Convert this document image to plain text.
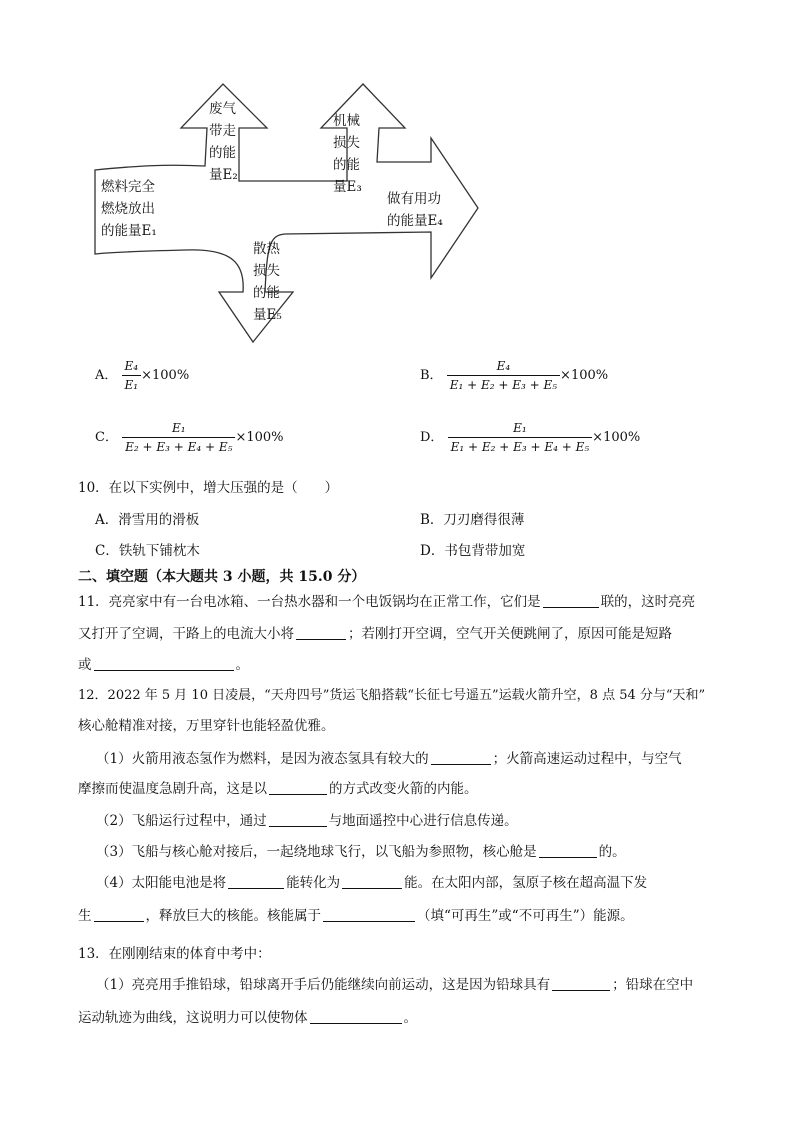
燃料完全
燃烧放出
的能量E₁
废气
带走
的能
量E₂
机械
损失
的能
量E₃
做有用功
的能量E₄
散热
损失
的能
量E₅
A． $\frac{\text{E₄}}{\text{E₁}} \times 100\%$	B． $\frac{\text{E₄}}{\text{E₁ + E₂ + E₃ + E₅}} \times 100\%$
C． $\frac{\text{E₁}}{\text{E₂ + E₃ + E₄ + E₅}} \times 100\%$	D． $\frac{\text{E₁}}{\text{E₁ + E₂ + E₃ + E₄ + E₅}} \times 100\%$
10．在以下实例中，增大压强的是（　　）
A．滑雪用的滑板	B．刀刃磨得很薄
C．铁轨下铺枕木	D．书包背带加宽
二、填空题（本大题共 3 小题，共 15.0 分）
11．亮亮家中有一台电冰箱、一台热水器和一个电饭锅均在正常工作，它们是	联的，这时亮亮
又打开了空调，干路上的电流大小将	；若刚打开空调，空气开关便跳闸了，原因可能是短路
或	。
12．2022 年 5 月 10 日凌晨，“天舟四号”货运飞船搭载“长征七号遥五”运载火箭升空，8 点 54 分与“天和”
核心舱精准对接，万里穿针也能轻盈优雅。
（1）火箭用液态氢作为燃料，是因为液态氢具有较大的	；火箭高速运动过程中，与空气
摩擦而使温度急剧升高，这是以	的方式改变火箭的内能。
（2）飞船运行过程中，通过	与地面遥控中心进行信息传递。
（3）飞船与核心舱对接后，一起绕地球飞行，以飞船为参照物，核心舱是	的。
（4）太阳能电池是将	能转化为	能。在太阳内部，氢原子核在超高温下发
生	，释放巨大的核能。核能属于	（填“可再生”或“不可再生”）能源。
13．在刚刚结束的体育中考中：
（1）亮亮用手推铅球，铅球离开手后仍能继续向前运动，这是因为铅球具有	；铅球在空中
运动轨迹为曲线，这说明力可以使物体	。
